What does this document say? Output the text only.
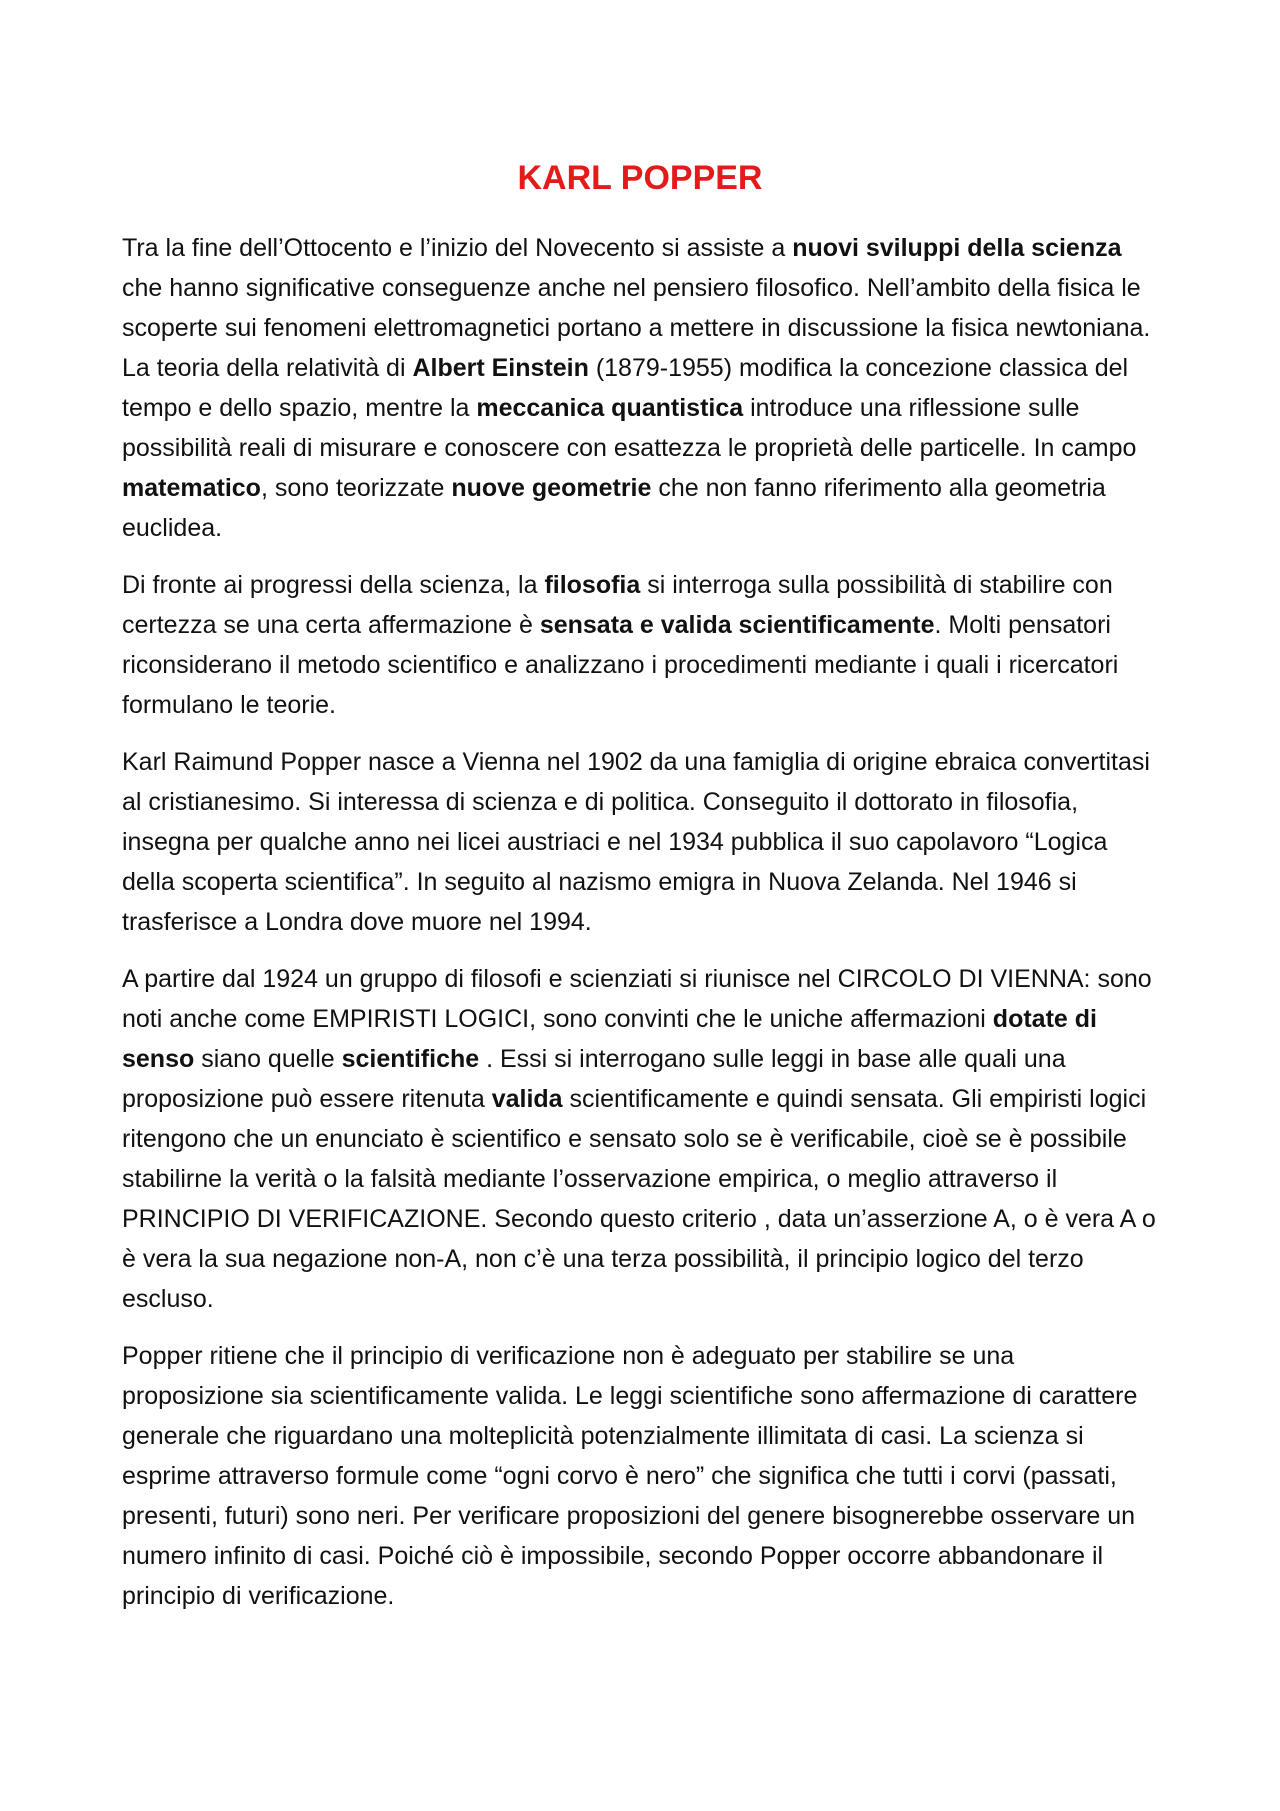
KARL POPPER

Tra la fine dell’Ottocento e l’inizio del Novecento si assiste a nuovi sviluppi della scienza che hanno significative conseguenze anche nel pensiero filosofico. Nell’ambito della fisica le scoperte sui fenomeni elettromagnetici portano a mettere in discussione la fisica newtoniana. La teoria della relatività di Albert Einstein (1879-1955) modifica la concezione classica del tempo e dello spazio, mentre la meccanica quantistica introduce una riflessione sulle possibilità reali di misurare e conoscere con esattezza le proprietà delle particelle. In campo matematico, sono teorizzate nuove geometrie che non fanno riferimento alla geometria euclidea.

Di fronte ai progressi della scienza, la filosofia si interroga sulla possibilità di stabilire con certezza se una certa affermazione è sensata e valida scientificamente. Molti pensatori riconsiderano il metodo scientifico e analizzano i procedimenti mediante i quali i ricercatori formulano le teorie.

Karl Raimund Popper nasce a Vienna nel 1902 da una famiglia di origine ebraica convertitasi al cristianesimo. Si interessa di scienza e di politica. Conseguito il dottorato in filosofia, insegna per qualche anno nei licei austriaci e nel 1934 pubblica il suo capolavoro “Logica della scoperta scientifica”. In seguito al nazismo emigra in Nuova Zelanda. Nel 1946 si trasferisce a Londra dove muore nel 1994.

A partire dal 1924 un gruppo di filosofi e scienziati si riunisce nel CIRCOLO DI VIENNA: sono noti anche come EMPIRISTI LOGICI, sono convinti che le uniche affermazioni dotate di senso siano quelle scientifiche . Essi si interrogano sulle leggi in base alle quali una proposizione può essere ritenuta valida scientificamente e quindi sensata. Gli empiristi logici ritengono che un enunciato è scientifico e sensato solo se è verificabile, cioè se è possibile stabilirne la verità o la falsità mediante l’osservazione empirica, o meglio attraverso il PRINCIPIO DI VERIFICAZIONE. Secondo questo criterio , data un’asserzione A, o è vera A o è vera la sua negazione non-A, non c’è una terza possibilità, il principio logico del terzo escluso.

Popper ritiene che il principio di verificazione non è adeguato per stabilire se una proposizione sia scientificamente valida. Le leggi scientifiche sono affermazione di carattere generale che riguardano una molteplicità potenzialmente illimitata di casi. La scienza si esprime attraverso formule come “ogni corvo è nero” che significa che tutti i corvi (passati, presenti, futuri) sono neri. Per verificare proposizioni del genere bisognerebbe osservare un numero infinito di casi. Poiché ciò è impossibile, secondo Popper occorre abbandonare il principio di verificazione.
